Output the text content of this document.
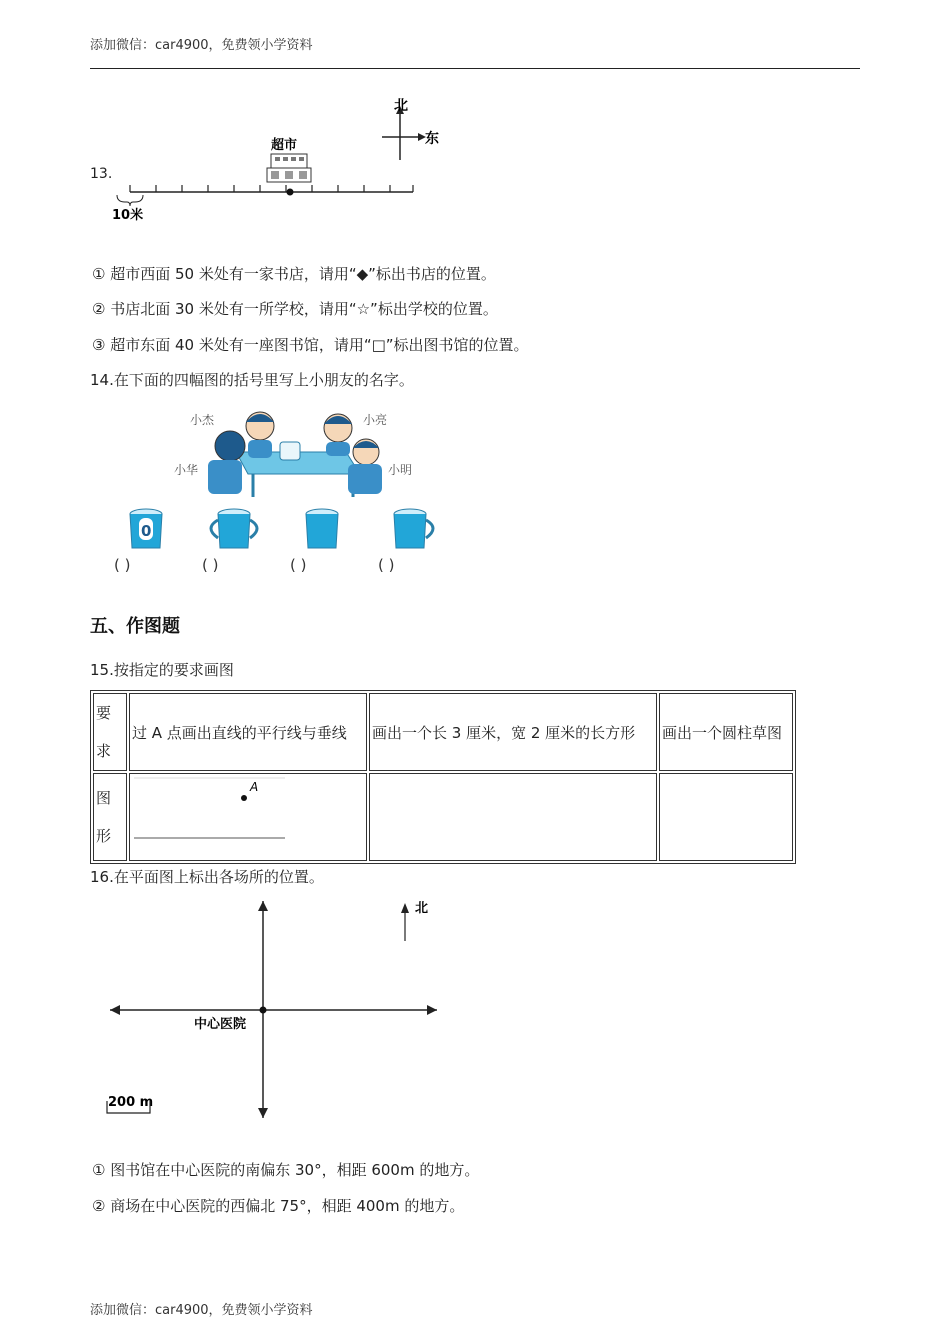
添加微信：car4900，免费领小学资料
13.
北
东
超市
10米
① 超市西面 50 米处有一家书店，请用“◆”标出书店的位置。
② 书店北面 30 米处有一所学校，请用“☆”标出学校的位置。
③ 超市东面 40 米处有一座图书馆，请用“□”标出图书馆的位置。
14.在下面的四幅图的括号里写上小朋友的名字。
小杰	小亮
小华	小明
0
( )	( )	( )	( )
五、作图题
15.按指定的要求画图
要
求	过 A 点画出直线的平行线与垂线	画出一个长 3 厘米，宽 2 厘米的长方形	画出一个圆柱草图

图
形	A		

16.在平面图上标出各场所的位置。
中心医院
北
200 m
① 图书馆在中心医院的南偏东 30°，相距 600m 的地方。
② 商场在中心医院的西偏北 75°，相距 400m 的地方。
添加微信：car4900，免费领小学资料
